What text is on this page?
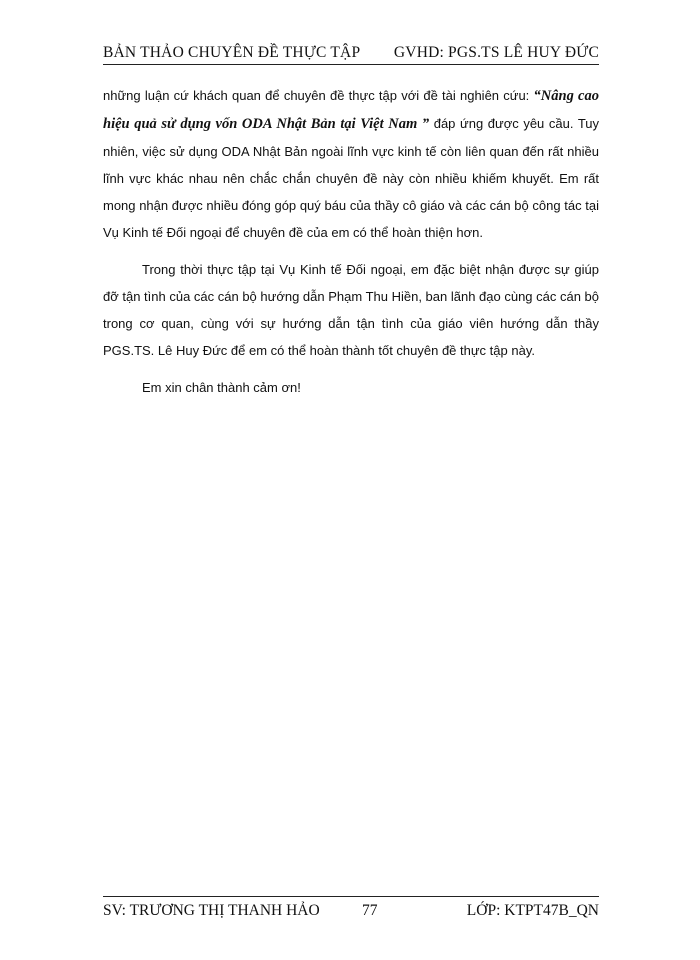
BẢN THẢO CHUYÊN ĐỀ THỰC TẬP GVHD: PGS.TS LÊ HUY ĐỨC

những luận cứ khách quan để chuyên đề thực tập với đề tài nghiên cứu: “Nâng cao hiệu quả sử dụng vốn ODA Nhật Bản tại Việt Nam ” đáp ứng được yêu cầu. Tuy nhiên, việc sử dụng ODA Nhật Bản ngoài lĩnh vực kinh tế còn liên quan đến rất nhiều lĩnh vực khác nhau nên chắc chắn chuyên đề này còn nhiều khiếm khuyết. Em rất mong nhận được nhiều đóng góp quý báu của thầy cô giáo và các cán bộ công tác tại Vụ Kinh tế Đối ngoại để chuyên đề của em có thể hoàn thiện hơn.

Trong thời thực tập tại Vụ Kinh tế Đối ngoại, em đặc biệt nhận được sự giúp đỡ tận tình của các cán bộ hướng dẫn Phạm Thu Hiền, ban lãnh đạo cùng các cán bộ trong cơ quan, cùng với sự hướng dẫn tận tình của giáo viên hướng dẫn thầy PGS.TS. Lê Huy Đức để em có thể hoàn thành tốt chuyên đề thực tập này.

Em xin chân thành cảm ơn!

SV: TRƯƠNG THỊ THANH HẢO	77	LỚP: KTPT47B_QN
